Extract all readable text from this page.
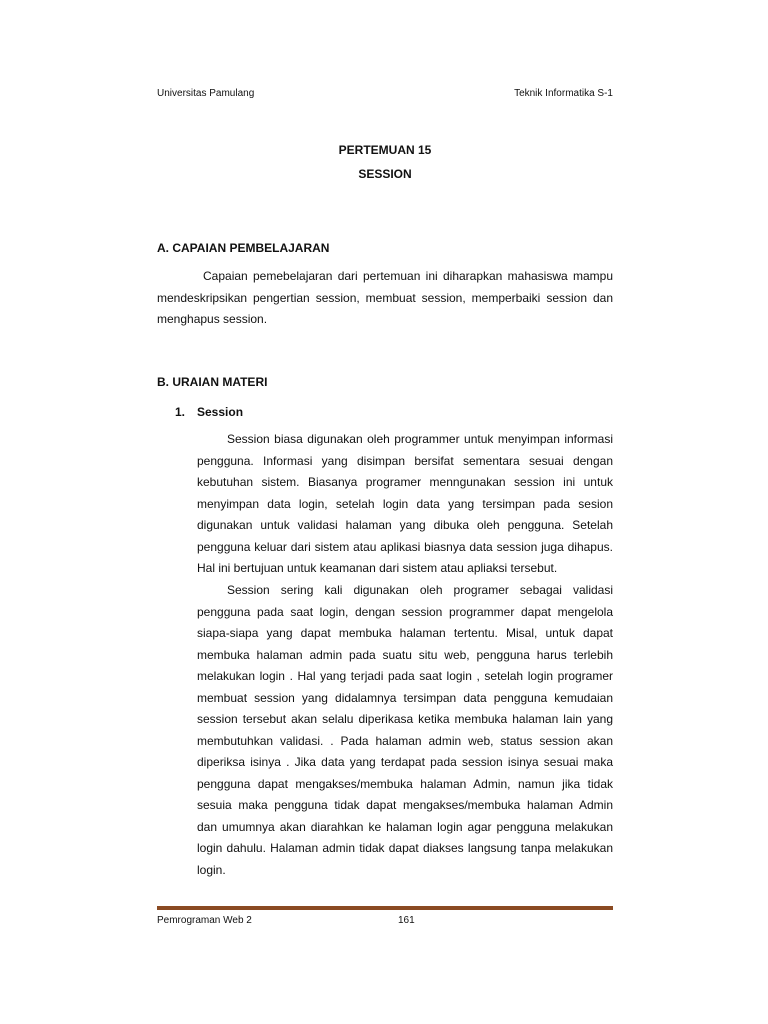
Universitas Pamulang	Teknik Informatika S-1
PERTEMUAN 15
SESSION
A. CAPAIAN PEMBELAJARAN

Capaian pemebelajaran dari pertemuan ini diharapkan mahasiswa mampu mendeskripsikan pengertian session, membuat session, memperbaiki session dan menghapus session.

B. URAIAN MATERI
1. Session

Session biasa digunakan oleh programmer untuk menyimpan informasi pengguna. Informasi yang disimpan bersifat sementara sesuai dengan kebutuhan sistem. Biasanya programer menngunakan session ini untuk menyimpan data login, setelah login data yang tersimpan pada sesion digunakan untuk validasi halaman yang dibuka oleh pengguna. Setelah pengguna keluar dari sistem atau aplikasi biasnya data session juga dihapus. Hal ini bertujuan untuk keamanan dari sistem atau apliaksi tersebut.

Session sering kali digunakan oleh programer sebagai validasi pengguna pada saat login, dengan session programmer dapat mengelola siapa-siapa yang dapat membuka halaman tertentu. Misal, untuk dapat membuka halaman admin pada suatu situ web, pengguna harus terlebih melakukan login . Hal yang terjadi pada saat login , setelah login programer membuat session yang didalamnya tersimpan data pengguna kemudaian session tersebut akan selalu diperikasa ketika membuka halaman lain yang membutuhkan validasi. . Pada halaman admin web, status session akan diperiksa isinya . Jika data yang terdapat pada session isinya sesuai maka pengguna dapat mengakses/membuka halaman Admin, namun jika tidak sesuia maka pengguna tidak dapat mengakses/membuka halaman Admin dan umumnya akan diarahkan ke halaman login agar pengguna melakukan login dahulu. Halaman admin tidak dapat diakses langsung tanpa melakukan login.

Pemrograman Web 2	161
